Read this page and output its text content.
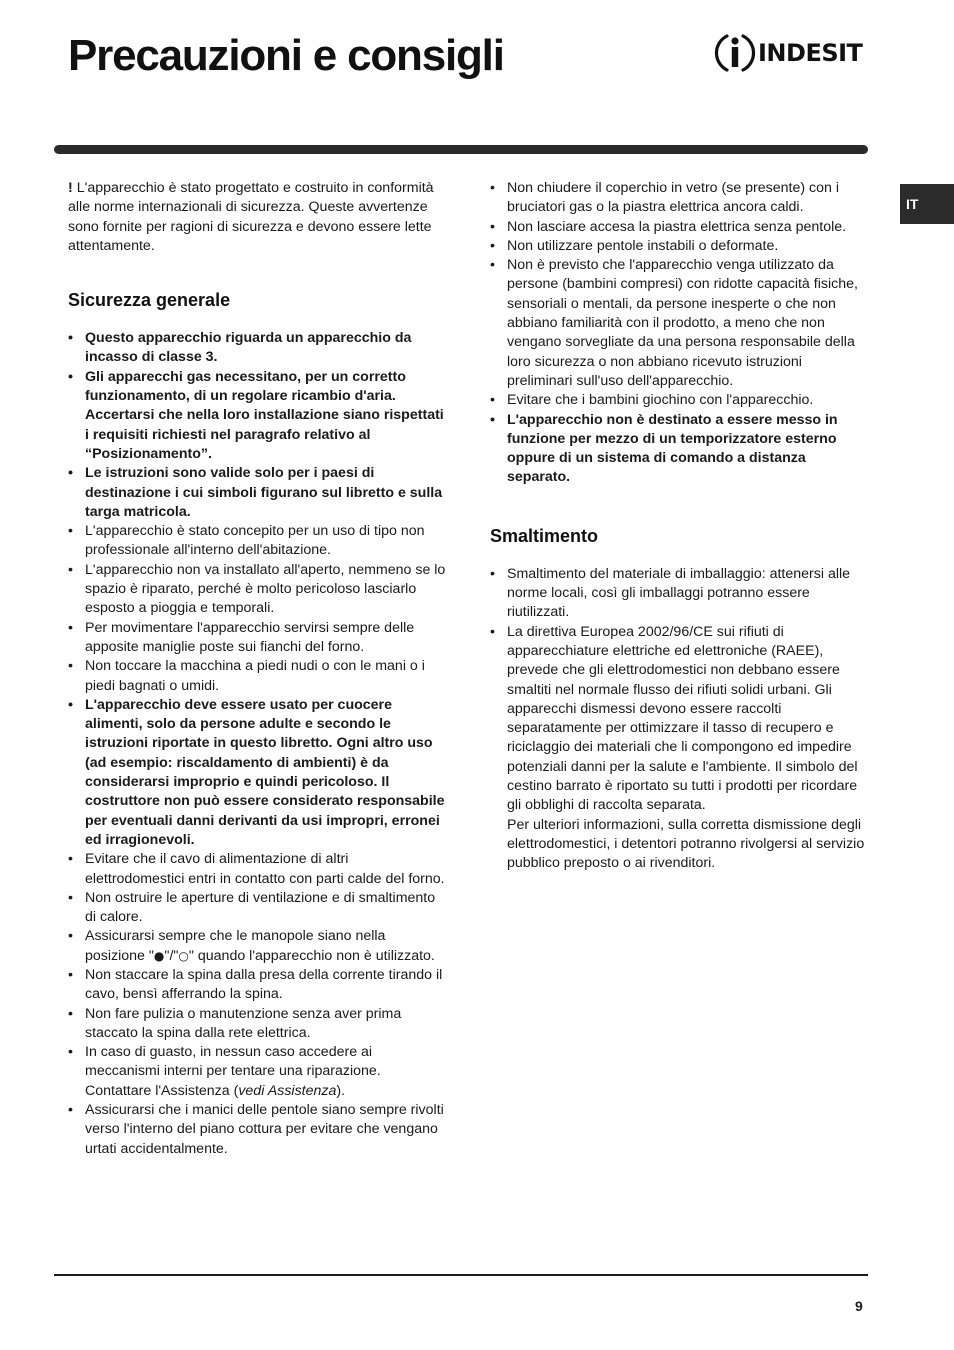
Precauzioni e consigli	INDESIT
IT

! L'apparecchio è stato progettato e costruito in conformità alle norme internazionali di sicurezza. Queste avvertenze sono fornite per ragioni di sicurezza e devono essere lette attentamente.

Sicurezza generale
• Questo apparecchio riguarda un apparecchio da incasso di classe 3.
• Gli apparecchi gas necessitano, per un corretto funzionamento, di un regolare ricambio d'aria. Accertarsi che nella loro installazione siano rispettati i requisiti richiesti nel paragrafo relativo al “Posizionamento”.
• Le istruzioni sono valide solo per i paesi di destinazione i cui simboli figurano sul libretto e sulla targa matricola.
• L'apparecchio è stato concepito per un uso di tipo non professionale all'interno dell'abitazione.
• L'apparecchio non va installato all'aperto, nemmeno se lo spazio è riparato, perché è molto pericoloso lasciarlo esposto a pioggia e temporali.
• Per movimentare l'apparecchio servirsi sempre delle apposite maniglie poste sui fianchi del forno.
• Non toccare la macchina a piedi nudi o con le mani o i piedi bagnati o umidi.
• L'apparecchio deve essere usato per cuocere alimenti, solo da persone adulte e secondo le istruzioni riportate in questo libretto. Ogni altro uso (ad esempio: riscaldamento di ambienti) è da considerarsi improprio e quindi pericoloso. Il costruttore non può essere considerato responsabile per eventuali danni derivanti da usi impropri, erronei ed irragionevoli.
• Evitare che il cavo di alimentazione di altri elettrodomestici entri in contatto con parti calde del forno.
• Non ostruire le aperture di ventilazione e di smaltimento di calore.
• Assicurarsi sempre che le manopole siano nella posizione "●"/"○" quando l'apparecchio non è utilizzato.
• Non staccare la spina dalla presa della corrente tirando il cavo, bensì afferrando la spina.
• Non fare pulizia o manutenzione senza aver prima staccato la spina dalla rete elettrica.
• In caso di guasto, in nessun caso accedere ai meccanismi interni per tentare una riparazione. Contattare l'Assistenza (vedi Assistenza).
• Assicurarsi che i manici delle pentole siano sempre rivolti verso l'interno del piano cottura per evitare che vengano urtati accidentalmente.
• Non chiudere il coperchio in vetro (se presente) con i bruciatori gas o la piastra elettrica ancora caldi.
• Non lasciare accesa la piastra elettrica senza pentole.
• Non utilizzare pentole instabili o deformate.
• Non è previsto che l'apparecchio venga utilizzato da persone (bambini compresi) con ridotte capacità fisiche, sensoriali o mentali, da persone inesperte o che non abbiano familiarità con il prodotto, a meno che non vengano sorvegliate da una persona responsabile della loro sicurezza o non abbiano ricevuto istruzioni preliminari sull'uso dell'apparecchio.
• Evitare che i bambini giochino con l'apparecchio.
• L'apparecchio non è destinato a essere messo in funzione per mezzo di un temporizzatore esterno oppure di un sistema di comando a distanza separato.
Smaltimento
• Smaltimento del materiale di imballaggio: attenersi alle norme locali, così gli imballaggi potranno essere riutilizzati.
• La direttiva Europea 2002/96/CE sui rifiuti di apparecchiature elettriche ed elettroniche (RAEE), prevede che gli elettrodomestici non debbano essere smaltiti nel normale flusso dei rifiuti solidi urbani. Gli apparecchi dismessi devono essere raccolti separatamente per ottimizzare il tasso di recupero e riciclaggio dei materiali che li compongono ed impedire potenziali danni per la salute e l'ambiente. Il simbolo del cestino barrato è riportato su tutti i prodotti per ricordare gli obblighi di raccolta separata.
Per ulteriori informazioni, sulla corretta dismissione degli elettrodomestici, i detentori potranno rivolgersi al servizio pubblico preposto o ai rivenditori.
9
